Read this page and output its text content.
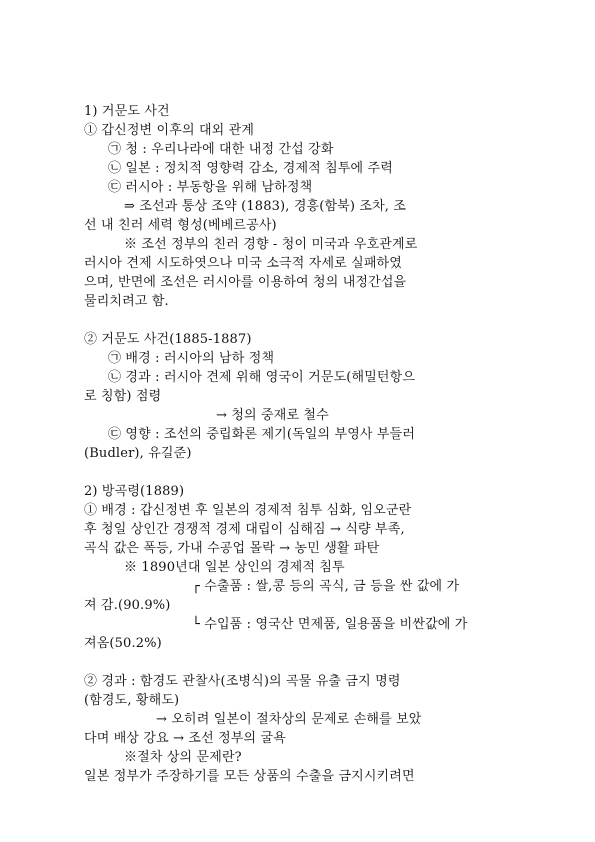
1) 거문도 사건
① 갑신정변 이후의 대외 관계
㉠ 청 : 우리나라에 대한 내정 간섭 강화
㉡ 일본 : 정치적 영향력 감소, 경제적 침투에 주력
㉢ 러시아 : 부동항을 위해 남하정책
⇒ 조선과 통상 조약 (1883), 경흥(함북) 조차, 조
선 내 친러 세력 형성(베베르공사)
※ 조선 정부의 친러 경향 - 청이 미국과 우호관계로
러시아 견제 시도하엿으나 미국 소극적 자세로 실패하였
으며, 반면에 조선은 러시아를 이용하여 청의 내정간섭을
물리치려고 함.
② 거문도 사건(1885-1887)
㉠ 배경 : 러시아의 남하 정책
㉡ 경과 : 러시아 견제 위해 영국이 거문도(해밀턴항으
로 칭함) 점령
→ 청의 중재로 철수
㉢ 영향 : 조선의 중립화론 제기(독일의 부영사 부들러
(Budler), 유길준)
2) 방곡령(1889)
① 배경 : 갑신정변 후 일본의 경제적 침투 심화, 임오군란
후 청일 상인간 경쟁적 경제 대립이 심해짐 → 식량 부족,
곡식 값은 폭등, 가내 수공업 몰락 → 농민 생활 파탄
※ 1890년대 일본 상인의 경제적 침투
┌ 수출품 : 쌀,콩 등의 곡식, 금 등을 싼 값에 가
져 감.(90.9%)
└ 수입품 : 영국산 면제품, 일용품을 비싼값에 가
져옴(50.2%)
② 경과 : 함경도 관찰사(조병식)의 곡물 유출 금지 명령
(함경도, 황해도)
→ 오히려 일본이 절차상의 문제로 손해를 보았
다며 배상 강요 → 조선 정부의 굴욕
※절차 상의 문제란?
일본 정부가 주장하기를 모든 상품의 수출을 금지시키려면
